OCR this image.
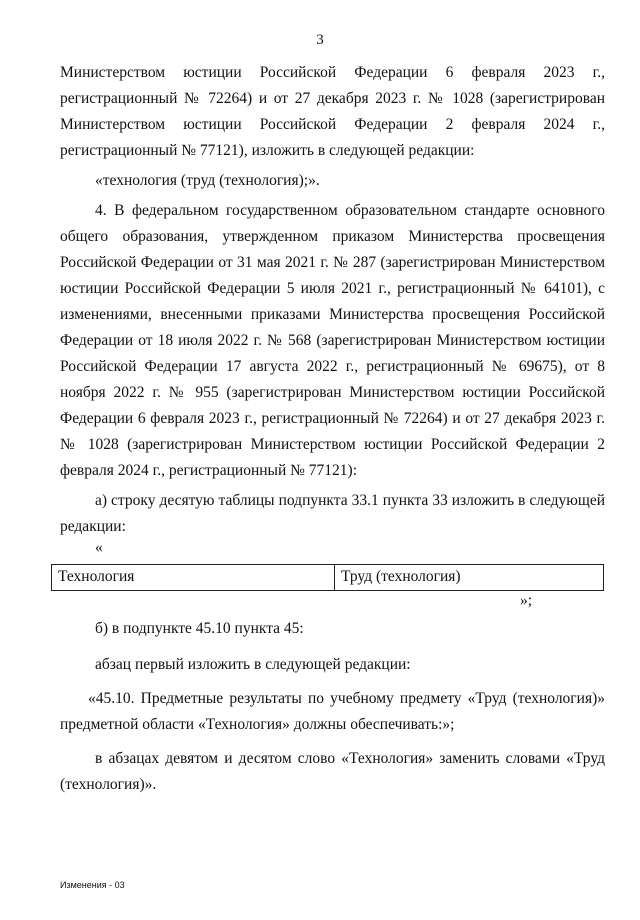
3

Министерством юстиции Российской Федерации 6 февраля 2023 г., регистрационный № 72264) и от 27 декабря 2023 г. № 1028 (зарегистрирован Министерством юстиции Российской Федерации 2 февраля 2024 г., регистрационный № 77121), изложить в следующей редакции:

«технология (труд (технология);».

4. В федеральном государственном образовательном стандарте основного общего образования, утвержденном приказом Министерства просвещения Российской Федерации от 31 мая 2021 г. № 287 (зарегистрирован Министерством юстиции Российской Федерации 5 июля 2021 г., регистрационный № 64101), с изменениями, внесенными приказами Министерства просвещения Российской Федерации от 18 июля 2022 г. № 568 (зарегистрирован Министерством юстиции Российской Федерации 17 августа 2022 г., регистрационный № 69675), от 8 ноября 2022 г. № 955 (зарегистрирован Министерством юстиции Российской Федерации 6 февраля 2023 г., регистрационный № 72264) и от 27 декабря 2023 г. № 1028 (зарегистрирован Министерством юстиции Российской Федерации 2 февраля 2024 г., регистрационный № 77121):

а) строку десятую таблицы подпункта 33.1 пункта 33 изложить в следующей редакции:

«
Технология	Труд (технология)
»;

б) в подпункте 45.10 пункта 45:

абзац первый изложить в следующей редакции:

«45.10. Предметные результаты по учебному предмету «Труд (технология)» предметной области «Технология» должны обеспечивать:»;

в абзацах девятом и десятом слово «Технология» заменить словами «Труд (технология)».

Изменения - 03
